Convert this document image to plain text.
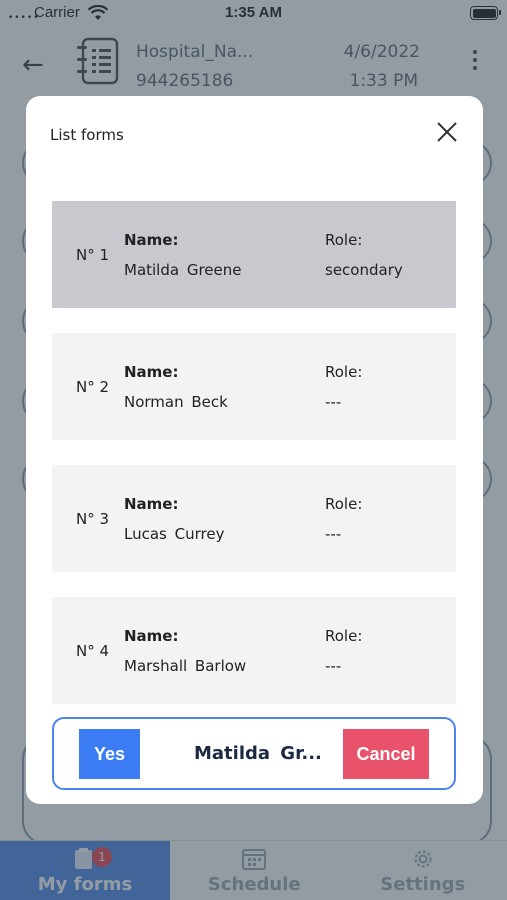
List forms
N° 1
Name:
Matilda Greene
Role:
secondary
N° 2
Name:
Norman Beck
Role:
---
N° 3
Name:
Lucas Currey
Role:
---
N° 4
Name:
Marshall Barlow
Role:
---
Yes	Matilda Gr...	Cancel
